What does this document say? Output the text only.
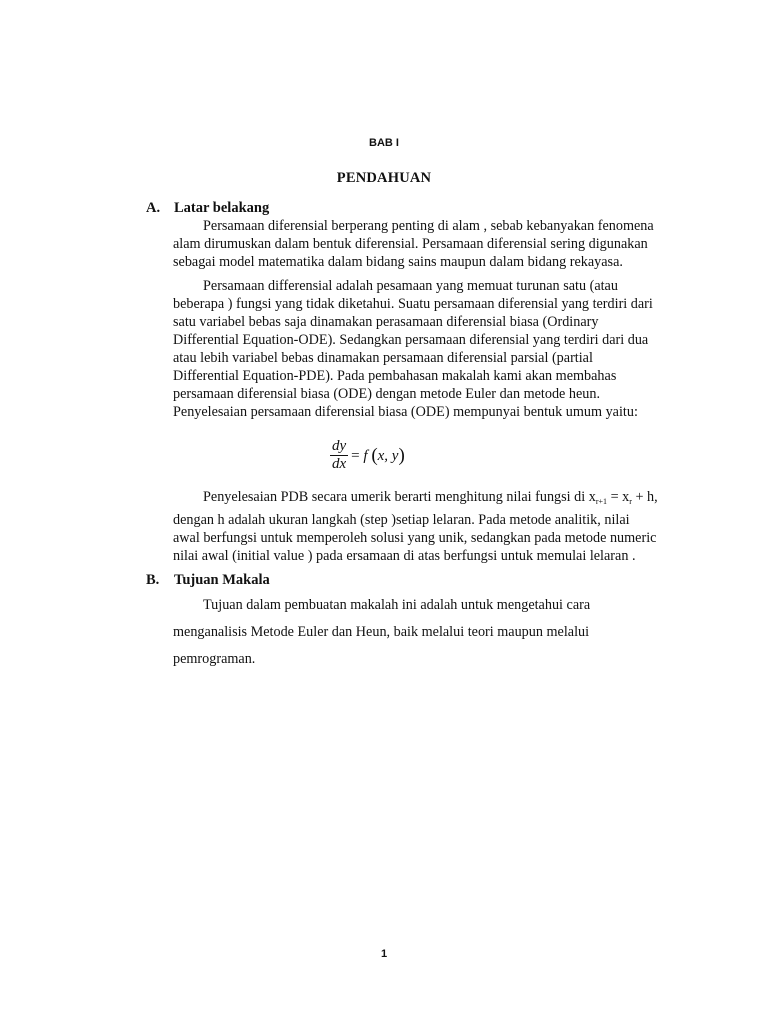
BAB I
PENDAHUAN
A. Latar belakang
Persamaan diferensial berperang penting di alam , sebab kebanyakan fenomena
alam dirumuskan dalam bentuk diferensial. Persamaan diferensial sering digunakan
sebagai model matematika dalam bidang sains maupun dalam bidang rekayasa.
Persamaan differensial adalah pesamaan yang memuat turunan satu (atau
beberapa ) fungsi yang tidak diketahui. Suatu persamaan diferensial yang terdiri dari
satu variabel bebas saja dinamakan perasamaan diferensial biasa (Ordinary
Differential Equation-ODE). Sedangkan persamaan diferensial yang terdiri dari dua
atau lebih variabel bebas dinamakan persamaan diferensial parsial (partial
Differential Equation-PDE). Pada pembahasan makalah kami akan membahas
persamaan diferensial biasa (ODE) dengan metode Euler dan metode heun.
Penyelesaian persamaan diferensial biasa (ODE) mempunyai bentuk umum yaitu:
$\frac{dy}{dx} = f$ (x, y)
Penyelesaian PDB secara umerik berarti menghitung nilai fungsi di $x_{r+1} = x_r + h$,
dengan h adalah ukuran langkah (step )setiap lelaran. Pada metode analitik, nilai
awal berfungsi untuk memperoleh solusi yang unik, sedangkan pada metode numeric
nilai awal (initial value ) pada ersamaan di atas berfungsi untuk memulai lelaran .
B. Tujuan Makala
Tujuan dalam pembuatan makalah ini adalah untuk mengetahui cara
menganalisis Metode Euler dan Heun, baik melalui teori maupun melalui
pemrograman.
1
